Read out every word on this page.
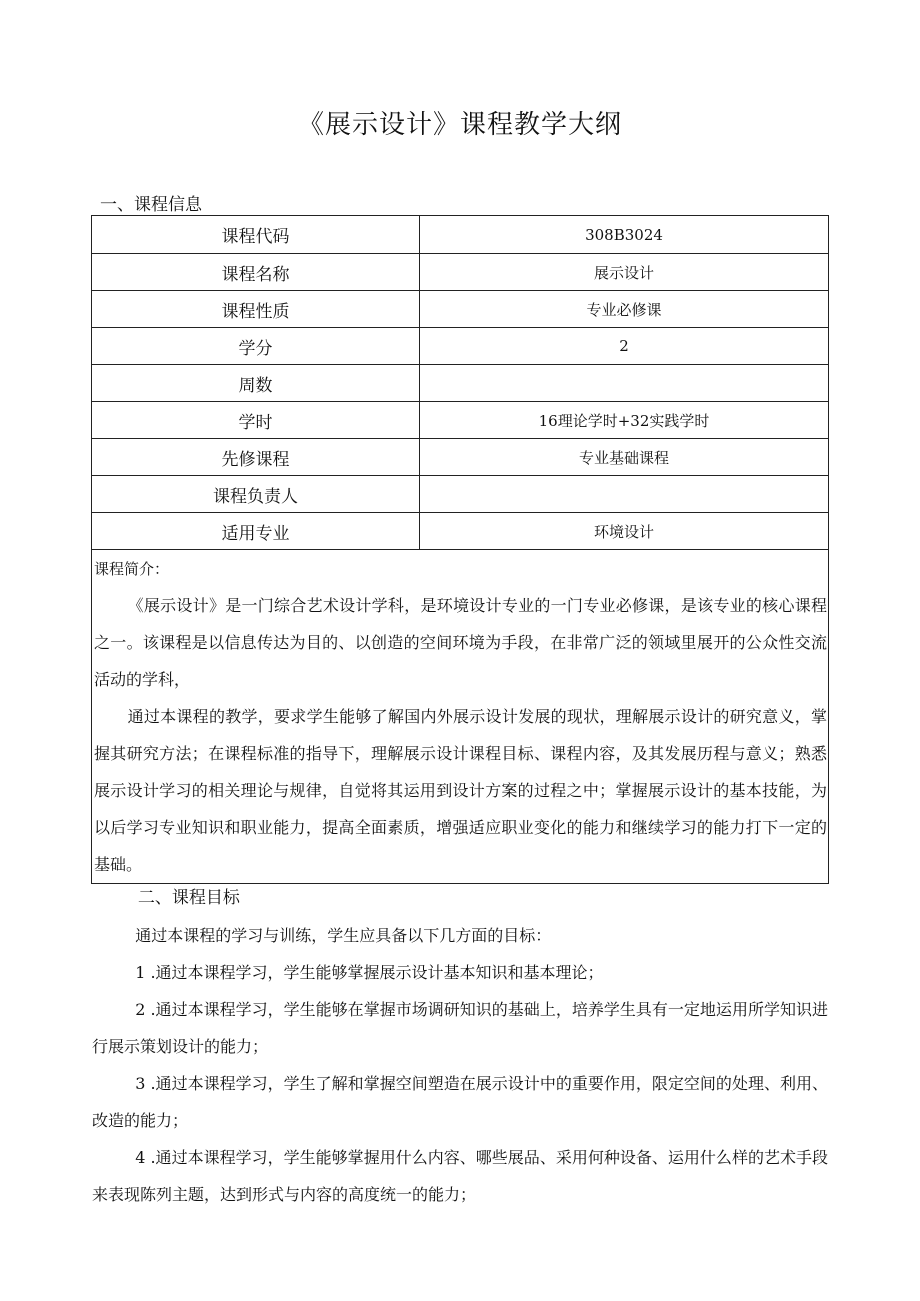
《展示设计》课程教学大纲
一、课程信息
课程代码	308B3024
课程名称	展示设计
课程性质	专业必修课
学分	2
周数	
学时	16理论学时+32实践学时
先修课程	专业基础课程
课程负责人	
适用专业	环境设计

课程简介：

《展示设计》是一门综合艺术设计学科，是环境设计专业的一门专业必修课，是该专业的核心课程之一。该课程是以信息传达为目的、以创造的空间环境为手段，在非常广泛的领域里展开的公众性交流活动的学科，

通过本课程的教学，要求学生能够了解国内外展示设计发展的现状，理解展示设计的研究意义，掌握其研究方法；在课程标准的指导下，理解展示设计课程目标、课程内容，及其发展历程与意义；熟悉展示设计学习的相关理论与规律，自觉将其运用到设计方案的过程之中；掌握展示设计的基本技能，为以后学习专业知识和职业能力，提高全面素质，增强适应职业变化的能力和继续学习的能力打下一定的基础。	

二、课程目标

通过本课程的学习与训练，学生应具备以下几方面的目标：

1 .通过本课程学习，学生能够掌握展示设计基本知识和基本理论；

2 .通过本课程学习，学生能够在掌握市场调研知识的基础上，培养学生具有一定地运用所学知识进行展示策划设计的能力；

3 .通过本课程学习，学生了解和掌握空间塑造在展示设计中的重要作用，限定空间的处理、利用、改造的能力；

4 .通过本课程学习，学生能够掌握用什么内容、哪些展品、采用何种设备、运用什么样的艺术手段来表现陈列主题，达到形式与内容的高度统一的能力；
